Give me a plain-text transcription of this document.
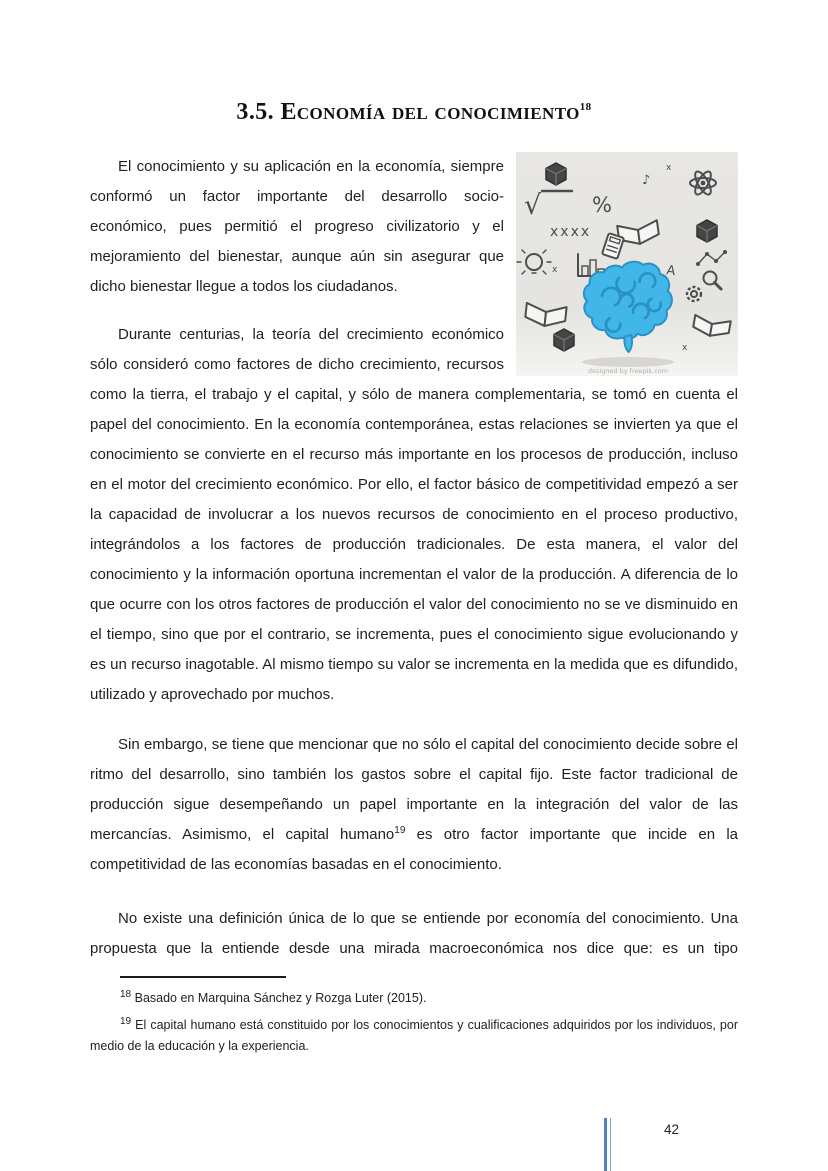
3.5. Economía del conocimiento$^{18}$
x
♪
√ %
xxxx
x	A
x
designed by freepik.com

El conocimiento y su aplicación en la economía, siempre conformó un factor importante del desarrollo socio-económico, pues permitió el progreso civilizatorio y el mejoramiento del bienestar, aunque aún sin asegurar que dicho bienestar llegue a todos los ciudadanos.

Durante centurias, la teoría del crecimiento económico sólo consideró como factores de dicho crecimiento, recursos como la tierra, el trabajo y el capital, y sólo de manera complementaria, se tomó en cuenta el papel del conocimiento. En la economía contemporánea, estas relaciones se invierten ya que el conocimiento se convierte en el recurso más importante en los procesos de producción, incluso en el motor del crecimiento económico. Por ello, el factor básico de competitividad empezó a ser la capacidad de involucrar a los nuevos recursos de conocimiento en el proceso productivo, integrándolos a los factores de producción tradicionales. De esta manera, el valor del conocimiento y la información oportuna incrementan el valor de la producción. A diferencia de lo que ocurre con los otros factores de producción el valor del conocimiento no se ve disminuido en el tiempo, sino que por el contrario, se incrementa, pues el conocimiento sigue evolucionando y es un recurso inagotable. Al mismo tiempo su valor se incrementa en la medida que es difundido, utilizado y aprovechado por muchos.

Sin embargo, se tiene que mencionar que no sólo el capital del conocimiento decide sobre el ritmo del desarrollo, sino también los gastos sobre el capital fijo. Este factor tradicional de producción sigue desempeñando un papel importante en la integración del valor de las mercancías. Asimismo, el capital humano$^{19}$ es otro factor importante que incide en la competitividad de las economías basadas en el conocimiento.

No existe una definición única de lo que se entiende por economía del conocimiento. Una propuesta que la entiende desde una mirada macroeconómica nos dice que: es un tipo

$^{18}$ Basado en Marquina Sánchez y Rozga Luter (2015).

$^{19}$ El capital humano está constituido por los conocimientos y cualificaciones adquiridos por los individuos, por medio de la educación y la experiencia.

42
